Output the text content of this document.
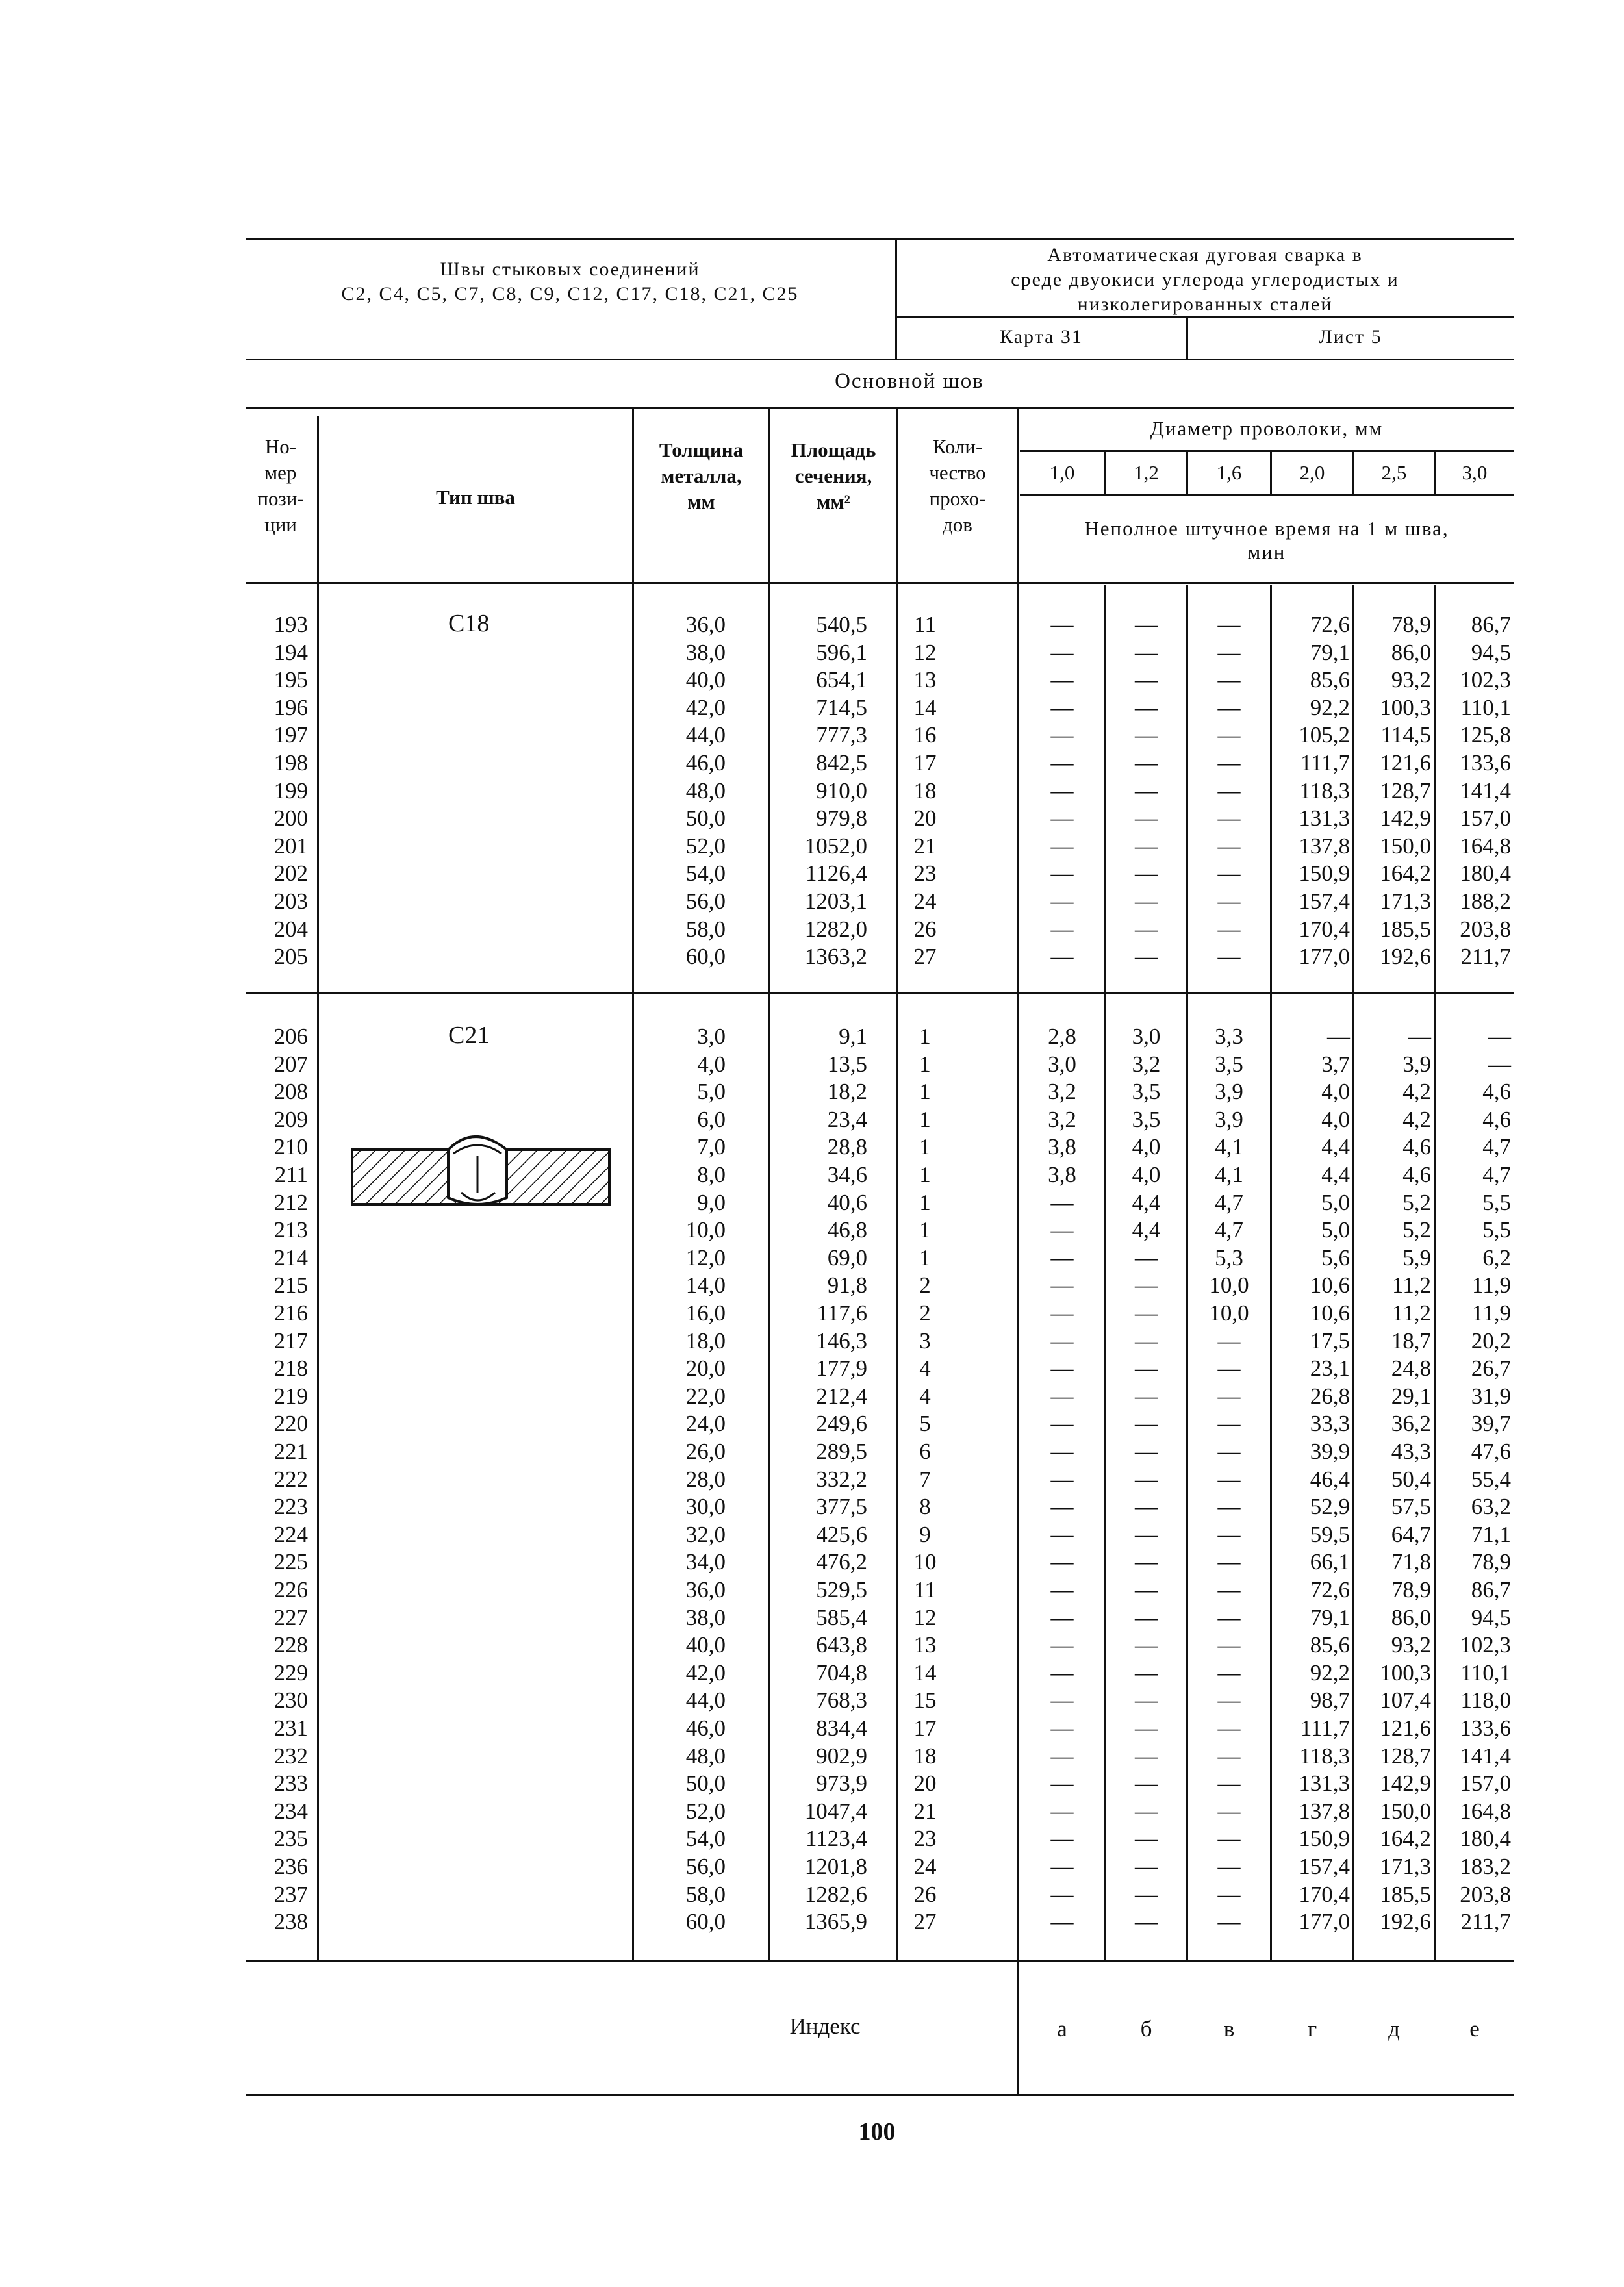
Швы стыковых соединений
С2, С4, С5, С7, С8, С9, С12, С17, С18, С21, С25
Автоматическая дуговая сварка в
среде двуокиси углерода углеродистых и
низколегированных сталей
Карта 31	Лист 5
Основной шов
Но-
мер
пози-
ции
Тип шва
Толщина
металла,
мм
Площадь
сечения,
мм²
Коли-
чество
прохо-
дов
Диаметр проволоки, мм
1,0	1,2	1,6	2,0	2,5	3,0
Неполное штучное время на 1 м шва,
мин
С18
С21
193	36,0	540,5	11	—	—	—	72,6	78,9	86,7
194	38,0	596,1	12	—	—	—	79,1	86,0	94,5
195	40,0	654,1	13	—	—	—	85,6	93,2	102,3
196	42,0	714,5	14	—	—	—	92,2	100,3	110,1
197	44,0	777,3	16	—	—	—	105,2	114,5	125,8
198	46,0	842,5	17	—	—	—	111,7	121,6	133,6
199	48,0	910,0	18	—	—	—	118,3	128,7	141,4
200	50,0	979,8	20	—	—	—	131,3	142,9	157,0
201	52,0	1052,0	21	—	—	—	137,8	150,0	164,8
202	54,0	1126,4	23	—	—	—	150,9	164,2	180,4
203	56,0	1203,1	24	—	—	—	157,4	171,3	188,2
204	58,0	1282,0	26	—	—	—	170,4	185,5	203,8
205	60,0	1363,2	27	—	—	—	177,0	192,6	211,7
206	3,0	9,1	1	2,8	3,0	3,3	—	—	—
207	4,0	13,5	1	3,0	3,2	3,5	3,7	3,9	—
208	5,0	18,2	1	3,2	3,5	3,9	4,0	4,2	4,6
209	6,0	23,4	1	3,2	3,5	3,9	4,0	4,2	4,6
210	7,0	28,8	1	3,8	4,0	4,1	4,4	4,6	4,7
211	8,0	34,6	1	3,8	4,0	4,1	4,4	4,6	4,7
212	9,0	40,6	1	—	4,4	4,7	5,0	5,2	5,5
213	10,0	46,8	1	—	4,4	4,7	5,0	5,2	5,5
214	12,0	69,0	1	—	—	5,3	5,6	5,9	6,2
215	14,0	91,8	2	—	—	10,0	10,6	11,2	11,9
216	16,0	117,6	2	—	—	10,0	10,6	11,2	11,9
217	18,0	146,3	3	—	—	—	17,5	18,7	20,2
218	20,0	177,9	4	—	—	—	23,1	24,8	26,7
219	22,0	212,4	4	—	—	—	26,8	29,1	31,9
220	24,0	249,6	5	—	—	—	33,3	36,2	39,7
221	26,0	289,5	6	—	—	—	39,9	43,3	47,6
222	28,0	332,2	7	—	—	—	46,4	50,4	55,4
223	30,0	377,5	8	—	—	—	52,9	57,5	63,2
224	32,0	425,6	9	—	—	—	59,5	64,7	71,1
225	34,0	476,2	10	—	—	—	66,1	71,8	78,9
226	36,0	529,5	11	—	—	—	72,6	78,9	86,7
227	38,0	585,4	12	—	—	—	79,1	86,0	94,5
228	40,0	643,8	13	—	—	—	85,6	93,2	102,3
229	42,0	704,8	14	—	—	—	92,2	100,3	110,1
230	44,0	768,3	15	—	—	—	98,7	107,4	118,0
231	46,0	834,4	17	—	—	—	111,7	121,6	133,6
232	48,0	902,9	18	—	—	—	118,3	128,7	141,4
233	50,0	973,9	20	—	—	—	131,3	142,9	157,0
234	52,0	1047,4	21	—	—	—	137,8	150,0	164,8
235	54,0	1123,4	23	—	—	—	150,9	164,2	180,4
236	56,0	1201,8	24	—	—	—	157,4	171,3	183,2
237	58,0	1282,6	26	—	—	—	170,4	185,5	203,8
238	60,0	1365,9	27	—	—	—	177,0	192,6	211,7
Индекс	а	б	в	г	д	е
100
